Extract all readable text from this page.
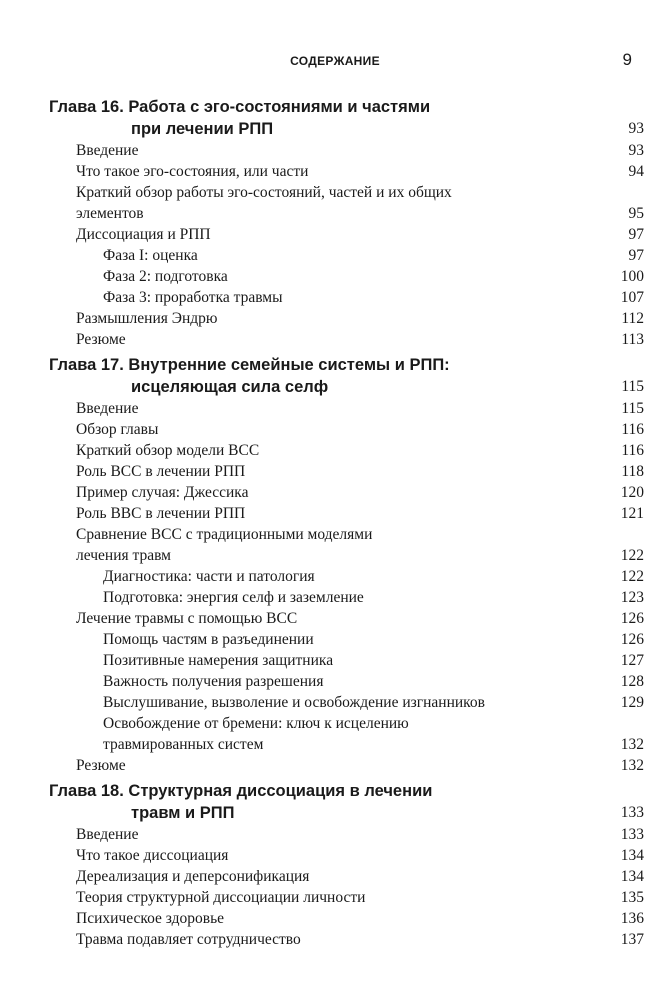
СОДЕРЖАНИЕ	9
Глава 16. Работа с эго-состояниями и частями
при лечении РПП	93
Введение	93
Что такое эго-состояния, или части	94
Краткий обзор работы эго-состояний, частей и их общих
элементов	95
Диссоциация и РПП	97
Фаза I: оценка	97
Фаза 2: подготовка	100
Фаза 3: проработка травмы	107
Размышления Эндрю	112
Резюме	113
Глава 17. Внутренние семейные системы и РПП:
исцеляющая сила селф	115
Введение	115
Обзор главы	116
Краткий обзор модели ВСС	116
Роль ВСС в лечении РПП	118
Пример случая: Джессика	120
Роль ВВС в лечении РПП	121
Сравнение ВСС с традиционными моделями
лечения травм	122
Диагностика: части и патология	122
Подготовка: энергия селф и заземление	123
Лечение травмы с помощью ВСС	126
Помощь частям в разъединении	126
Позитивные намерения защитника	127
Важность получения разрешения	128
Выслушивание, вызволение и освобождение изгнанников	129
Освобождение от бремени: ключ к исцелению
травмированных систем	132
Резюме	132
Глава 18. Структурная диссоциация в лечении
травм и РПП	133
Введение	133
Что такое диссоциация	134
Дереализация и деперсонификация	134
Теория структурной диссоциации личности	135
Психическое здоровье	136
Травма подавляет сотрудничество	137
